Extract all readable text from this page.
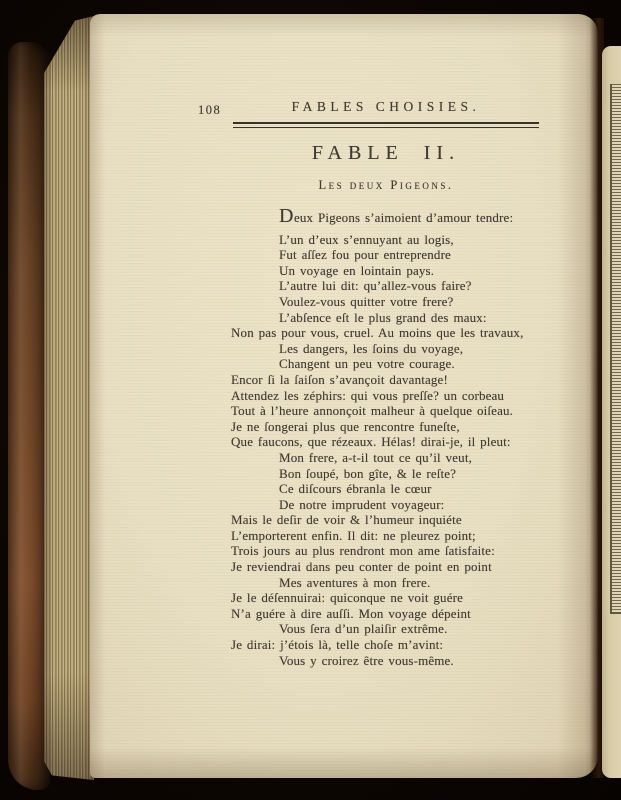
108	FABLES CHOISIES.
FABLE II.
Les deux Pigeons.
Deux Pigeons s’aimoient d’amour tendre:
L’un d’eux s’ennuyant au logis,
Fut aſſez fou pour entreprendre
Un voyage en lointain pays.
L’autre lui dit: qu’allez-vous faire?
Voulez-vous quitter votre frere?
L’abſence eſt le plus grand des maux:
Non pas pour vous, cruel. Au moins que les travaux,
Les dangers, les ſoins du voyage,
Changent un peu votre courage.
Encor ſi la ſaiſon s’avançoit davantage!
Attendez les zéphirs: qui vous preſſe? un corbeau
Tout à l’heure annonçoit malheur à quelque oiſeau.
Je ne ſongerai plus que rencontre funeſte,
Que faucons, que rézeaux. Hélas! dirai-je, il pleut:
Mon frere, a-t-il tout ce qu’il veut,
Bon ſoupé, bon gîte, & le reſte?
Ce diſcours ébranla le cœur
De notre imprudent voyageur:
Mais le deſir de voir & l’humeur inquiéte
L’emporterent enfin. Il dit: ne pleurez point;
Trois jours au plus rendront mon ame ſatisfaite:
Je reviendrai dans peu conter de point en point
Mes aventures à mon frere.
Je le déſennuirai: quiconque ne voit guére
N’a guére à dire auſſi. Mon voyage dépeint
Vous ſera d’un plaiſir extrême.
Je dirai: j’étois là, telle choſe m’avint:
Vous y croirez être vous-même.
